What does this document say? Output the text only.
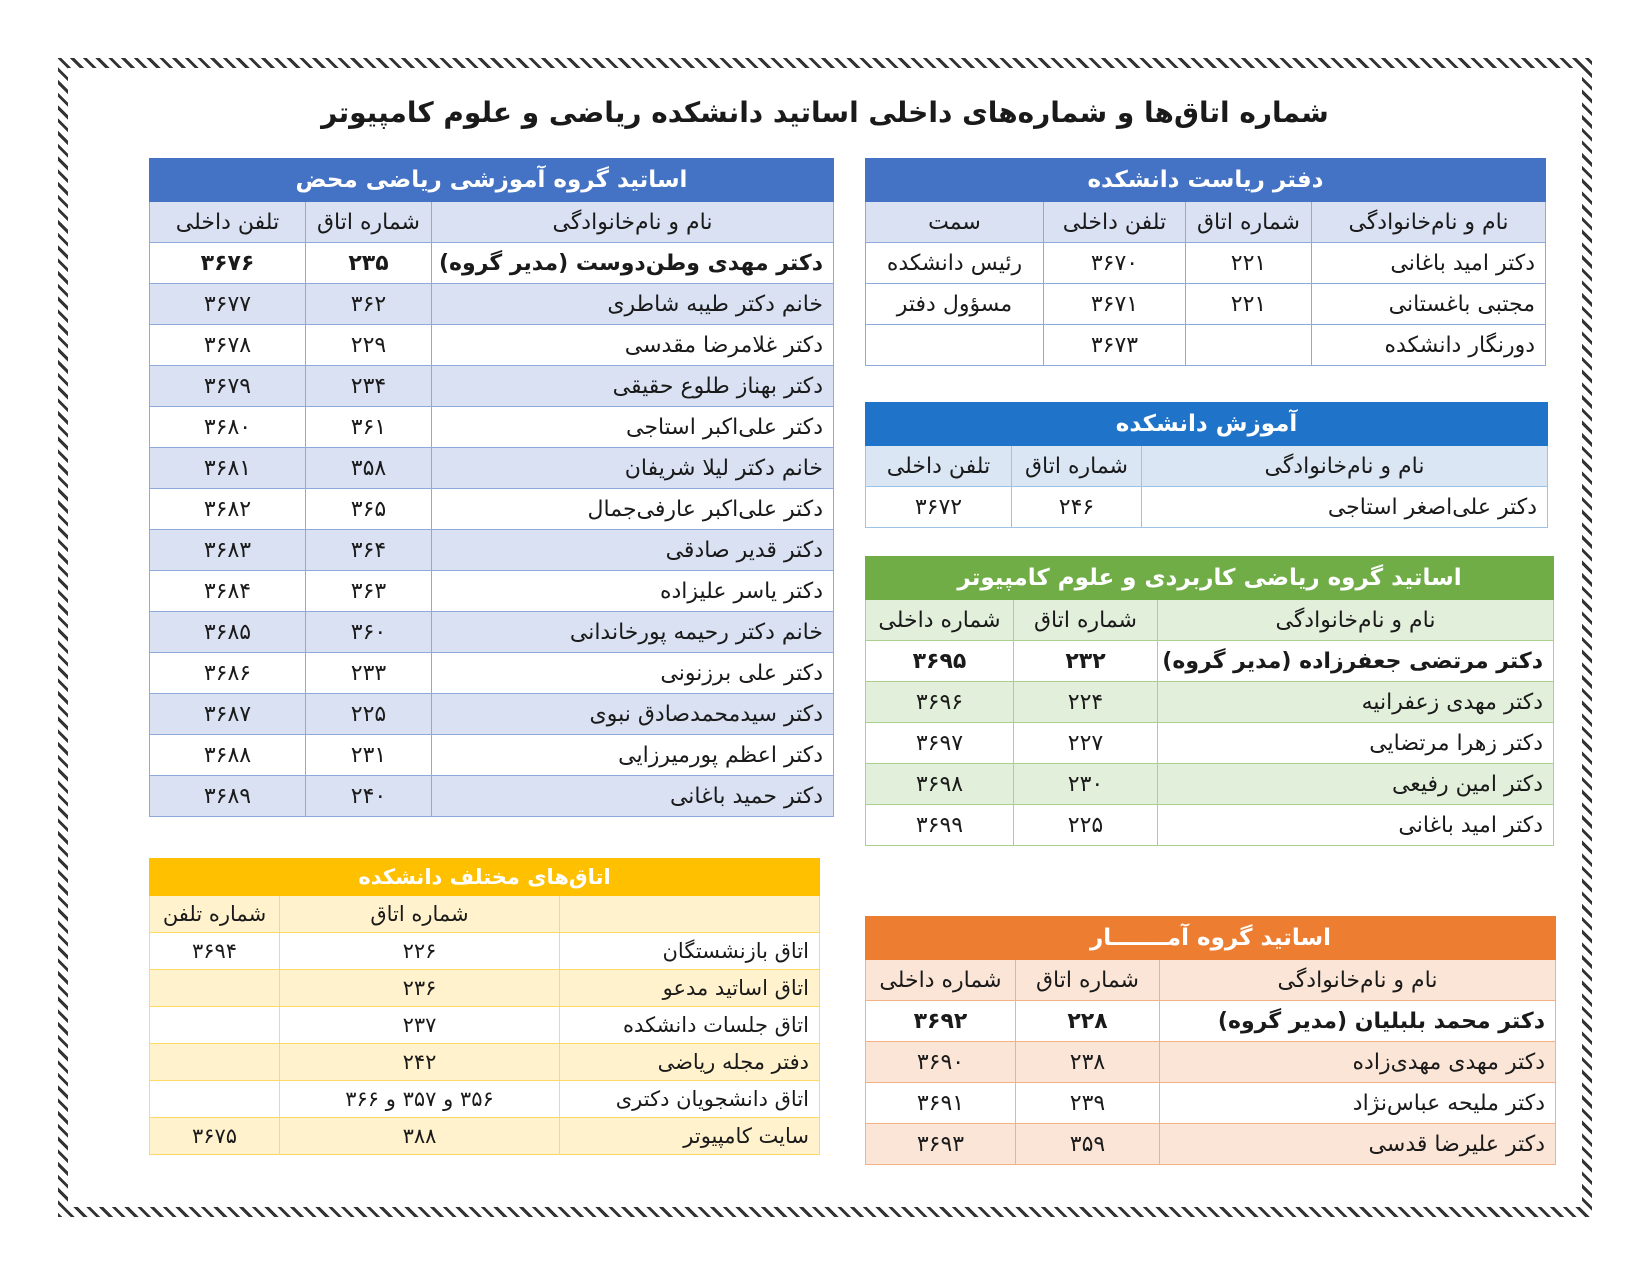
شماره اتاق‌ها و شماره‌های داخلی اساتید دانشکده ریاضی و علوم کامپیوتر
اساتید گروه آموزشی ریاضی محض		
نام و نام‌خانوادگی	شماره اتاق	تلفن داخلی
دکتر مهدی وطن‌دوست (مدیر گروه)	۲۳۵	۳۶۷۶
خانم دکتر طیبه شاطری	۳۶۲	۳۶۷۷
دکتر غلامرضا مقدسی	۲۲۹	۳۶۷۸
دکتر بهناز طلوع حقیقی	۲۳۴	۳۶۷۹
دکتر علی‌اکبر استاجی	۳۶۱	۳۶۸۰
خانم دکتر لیلا شریفان	۳۵۸	۳۶۸۱
دکتر علی‌اکبر عارفی‌جمال	۳۶۵	۳۶۸۲
دکتر قدیر صادقی	۳۶۴	۳۶۸۳
دکتر یاسر علیزاده	۳۶۳	۳۶۸۴
خانم دکتر رحیمه پورخاندانی	۳۶۰	۳۶۸۵
دکتر علی برزنونی	۲۳۳	۳۶۸۶
دکتر سیدمحمدصادق نبوی	۲۲۵	۳۶۸۷
دکتر اعظم پورمیرزایی	۲۳۱	۳۶۸۸
دکتر حمید باغانی	۲۴۰	۳۶۸۹
دفتر ریاست دانشکده			
نام و نام‌خانوادگی	شماره اتاق	تلفن داخلی	سمت
دکتر امید باغانی	۲۲۱	۳۶۷۰	رئیس دانشکده
مجتبی باغستانی	۲۲۱	۳۶۷۱	مسؤول دفتر
دورنگار دانشکده		۳۶۷۳	
آموزش دانشکده		
نام و نام‌خانوادگی	شماره اتاق	تلفن داخلی
دکتر علی‌اصغر استاجی	۲۴۶	۳۶۷۲
اساتید گروه ریاضی کاربردی و علوم کامپیوتر		
نام و نام‌خانوادگی	شماره اتاق	شماره داخلی
دکتر مرتضی جعفرزاده (مدیر گروه)	۲۳۲	۳۶۹۵
دکتر مهدی زعفرانیه	۲۲۴	۳۶۹۶
دکتر زهرا مرتضایی	۲۲۷	۳۶۹۷
دکتر امین رفیعی	۲۳۰	۳۶۹۸
دکتر امید باغانی	۲۲۵	۳۶۹۹
اتاق‌های مختلف دانشکده		
	شماره اتاق	شماره تلفن
اتاق بازنشستگان	۲۲۶	۳۶۹۴
اتاق اساتید مدعو	۲۳۶	
اتاق جلسات دانشکده	۲۳۷	
دفتر مجله ریاضی	۲۴۲	
اتاق دانشجویان دکتری	۳۵۶ و ۳۵۷ و ۳۶۶	
سایت کامپیوتر	۳۸۸	۳۶۷۵
اساتید گروه آمـــــــار		
نام و نام‌خانوادگی	شماره اتاق	شماره داخلی
دکتر محمد بلبلیان (مدیر گروه)	۲۲۸	۳۶۹۲
دکتر مهدی مهدی‌زاده	۲۳۸	۳۶۹۰
دکتر ملیحه عباس‌نژاد	۲۳۹	۳۶۹۱
دکتر علیرضا قدسی	۳۵۹	۳۶۹۳
